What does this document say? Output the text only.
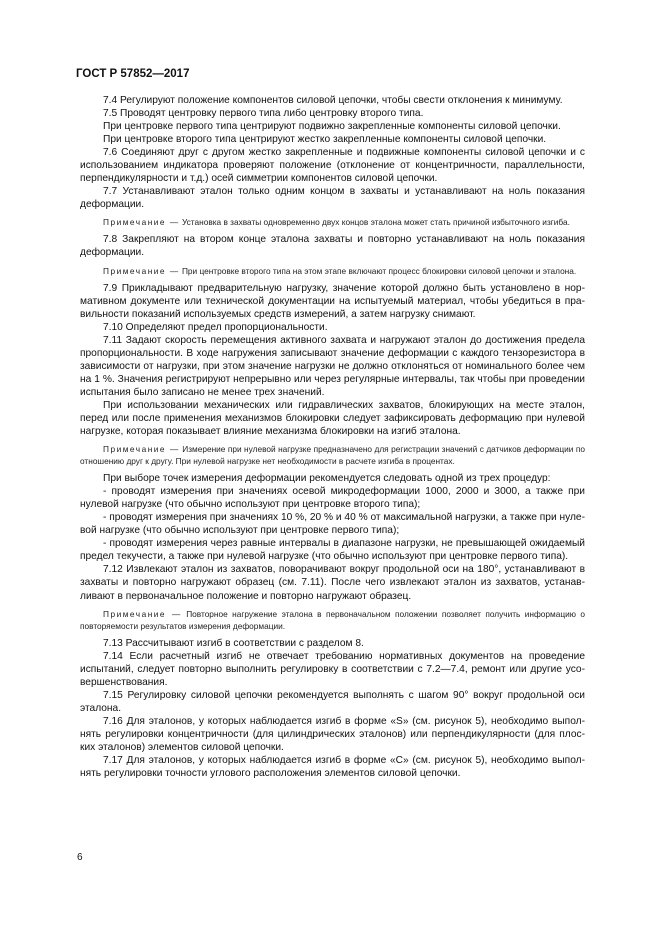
ГОСТ Р 57852—2017

7.4 Регулируют положение компонентов силовой цепочки, чтобы свести отклонения к минимуму.

7.5 Проводят центровку первого типа либо центровку второго типа.

При центровке первого типа центрируют подвижно закрепленные компоненты силовой цепочки.

При центровке второго типа центрируют жестко закрепленные компоненты силовой цепочки.

7.6 Соединяют друг с другом жестко закрепленные и подвижные компоненты силовой цепочки и с использованием индикатора проверяют положение (отклонение от концентричности, параллельности, перпендикулярности и т.д.) осей симметрии компонентов силовой цепочки.

7.7 Устанавливают эталон только одним концом в захваты и устанавливают на ноль показания деформации.

Примечание — Установка в захваты одновременно двух концов эталона может стать причиной избыточного изгиба.

7.8 Закрепляют на втором конце эталона захваты и повторно устанавливают на ноль показания деформации.

Примечание — При центровке второго типа на этом этапе включают процесс блокировки силовой цепочки и эталона.

7.9 Прикладывают предварительную нагрузку, значение которой должно быть установлено в нормативном документе или технической документации на испытуемый материал, чтобы убедиться в правильности показаний используемых средств измерений, а затем нагрузку снимают.

7.10 Определяют предел пропорциональности.

7.11 Задают скорость перемещения активного захвата и нагружают эталон до достижения предела пропорциональности. В ходе нагружения записывают значение деформации с каждого тензорезистора в зависимости от нагрузки, при этом значение нагрузки не должно отклоняться от номинального более чем на 1 %. Значения регистрируют непрерывно или через регулярные интервалы, так чтобы при проведении испытания было записано не менее трех значений.

При использовании механических или гидравлических захватов, блокирующих на месте эталон, перед или после применения механизмов блокировки следует зафиксировать деформацию при нулевой нагрузке, которая показывает влияние механизма блокировки на изгиб эталона.

Примечание — Измерение при нулевой нагрузке предназначено для регистрации значений с датчиков деформации по отношению друг к другу. При нулевой нагрузке нет необходимости в расчете изгиба в процентах.

При выборе точек измерения деформации рекомендуется следовать одной из трех процедур:

- проводят измерения при значениях осевой микродеформации 1000, 2000 и 3000, а также при нулевой нагрузке (что обычно используют при центровке второго типа);

- проводят измерения при значениях 10 %, 20 % и 40 % от максимальной нагрузки, а также при нулевой нагрузке (что обычно используют при центровке первого типа);

- проводят измерения через равные интервалы в диапазоне нагрузки, не превышающей ожидаемый предел текучести, а также при нулевой нагрузке (что обычно используют при центровке первого типа).

7.12 Извлекают эталон из захватов, поворачивают вокруг продольной оси на 180°, устанавливают в захваты и повторно нагружают образец (см. 7.11). После чего извлекают эталон из захватов, устанавливают в первоначальное положение и повторно нагружают образец.

Примечание — Повторное нагружение эталона в первоначальном положении позволяет получить информацию о повторяемости результатов измерения деформации.

7.13 Рассчитывают изгиб в соответствии с разделом 8.

7.14 Если расчетный изгиб не отвечает требованию нормативных документов на проведение испытаний, следует повторно выполнить регулировку в соответствии с 7.2—7.4, ремонт или другие усовершенствования.

7.15 Регулировку силовой цепочки рекомендуется выполнять с шагом 90° вокруг продольной оси эталона.

7.16 Для эталонов, у которых наблюдается изгиб в форме «S» (см. рисунок 5), необходимо выполнять регулировки концентричности (для цилиндрических эталонов) или перпендикулярности (для плоских эталонов) элементов силовой цепочки.

7.17 Для эталонов, у которых наблюдается изгиб в форме «С» (см. рисунок 5), необходимо выполнять регулировки точности углового расположения элементов силовой цепочки.

6
